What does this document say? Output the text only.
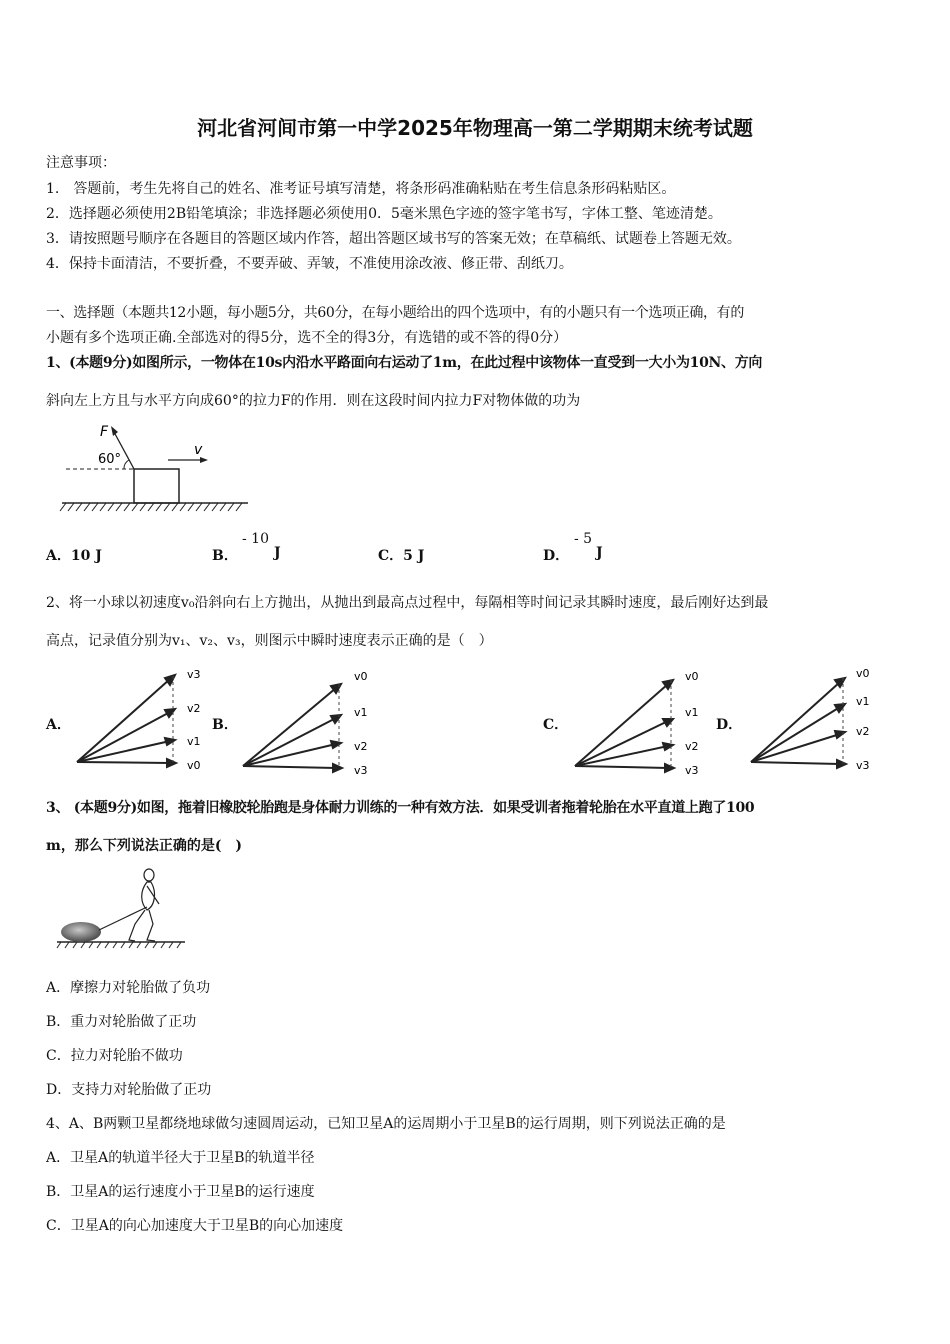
河北省河间市第一中学2025年物理高一第二学期期末统考试题
注意事项：
1.　答题前，考生先将自己的姓名、准考证号填写清楚，将条形码准确粘贴在考生信息条形码粘贴区。
2．选择题必须使用2B铅笔填涂；非选择题必须使用0．5毫米黑色字迹的签字笔书写，字体工整、笔迹清楚。
3．请按照题号顺序在各题目的答题区域内作答，超出答题区域书写的答案无效；在草稿纸、试题卷上答题无效。
4．保持卡面清洁，不要折叠，不要弄破、弄皱，不准使用涂改液、修正带、刮纸刀。
一、选择题（本题共12小题，每小题5分，共60分，在每小题给出的四个选项中，有的小题只有一个选项正确，有的
小题有多个选项正确.全部选对的得5分，选不全的得3分，有选错的或不答的得0分）
1、(本题9分)如图所示，一物体在10s内沿水平路面向右运动了1m，在此过程中该物体一直受到一大小为10N、方向
斜向左上方且与水平方向成60°的拉力F的作用．则在这段时间内拉力F对物体做的功为
F
60°
v
A．10 J	B．
- 10
J	C．5 J	D．
- 5
J
2、将一小球以初速度v₀沿斜向右上方抛出，从抛出到最高点过程中，每隔相等时间记录其瞬时速度，最后刚好达到最
高点，记录值分别为v₁、v₂、v₃，则图示中瞬时速度表示正确的是（　）
A．
v3
v2
v1
v0
B．
v0
v1
v2
v3
C．
v0
v1
v2
v3
D．
v0
v1
v2
v3
3、 (本题9分)如图，拖着旧橡胶轮胎跑是身体耐力训练的一种有效方法．如果受训者拖着轮胎在水平直道上跑了100
m，那么下列说法正确的是(　)
A．摩擦力对轮胎做了负功
B．重力对轮胎做了正功
C．拉力对轮胎不做功
D．支持力对轮胎做了正功
4、A、B两颗卫星都绕地球做匀速圆周运动，已知卫星A的运周期小于卫星B的运行周期，则下列说法正确的是
A．卫星A的轨道半径大于卫星B的轨道半径
B．卫星A的运行速度小于卫星B的运行速度
C．卫星A的向心加速度大于卫星B的向心加速度
